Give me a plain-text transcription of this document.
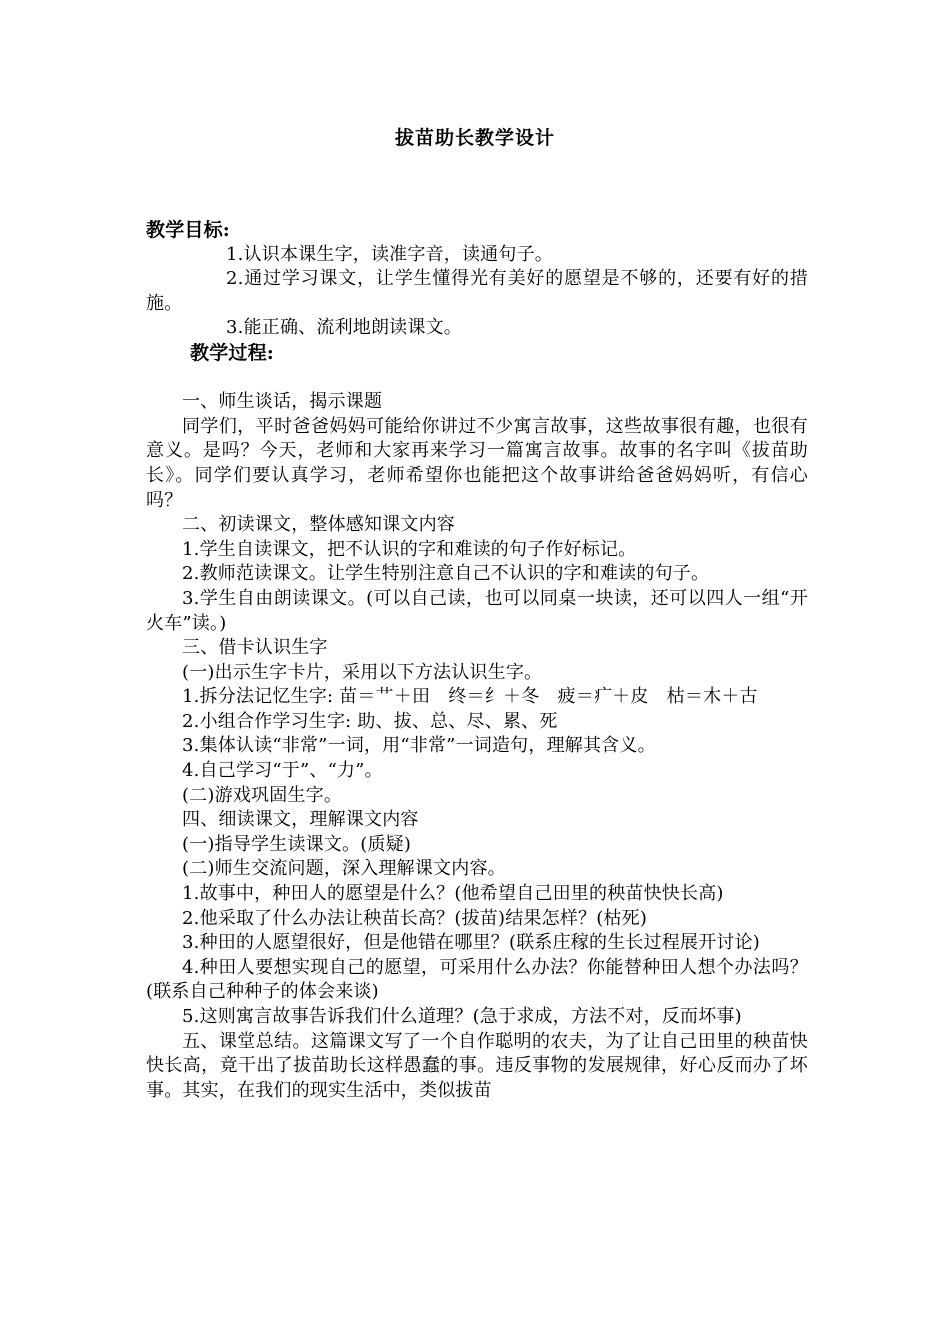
拔苗助长教学设计

教学目标:

1.认识本课生字，读准字音，读通句子。

2.通过学习课文，让学生懂得光有美好的愿望是不够的，还要有好的措施。

3.能正确、流利地朗读课文。

教学过程:

一、师生谈话，揭示课题

同学们，平时爸爸妈妈可能给你讲过不少寓言故事，这些故事很有趣，也很有意义。是吗？今天，老师和大家再来学习一篇寓言故事。故事的名字叫《拔苗助长》。同学们要认真学习，老师希望你也能把这个故事讲给爸爸妈妈听，有信心吗？

二、初读课文，整体感知课文内容

1.学生自读课文，把不认识的字和难读的句子作好标记。

2.教师范读课文。让学生特别注意自己不认识的字和难读的句子。

3.学生自由朗读课文。(可以自己读，也可以同桌一块读，还可以四人一组“开火车”读。)

三、借卡认识生字

(一)出示生字卡片，采用以下方法认识生字。

1.拆分法记忆生字: 苗＝艹＋田　终＝纟＋冬　疲＝疒＋皮　枯＝木＋古

2.小组合作学习生字: 助、拔、总、尽、累、死

3.集体认读“非常”一词，用“非常”一词造句，理解其含义。

4.自己学习“于”、“力”。

(二)游戏巩固生字。

四、细读课文，理解课文内容

(一)指导学生读课文。(质疑)

(二)师生交流问题，深入理解课文内容。

1.故事中，种田人的愿望是什么？(他希望自己田里的秧苗快快长高)

2.他采取了什么办法让秧苗长高？(拔苗)结果怎样？(枯死)

3.种田的人愿望很好，但是他错在哪里？(联系庄稼的生长过程展开讨论)

4.种田人要想实现自己的愿望，可采用什么办法？你能替种田人想个办法吗？(联系自己种种子的体会来谈)

5.这则寓言故事告诉我们什么道理？(急于求成，方法不对，反而坏事)

五、课堂总结。这篇课文写了一个自作聪明的农夫，为了让自己田里的秧苗快快长高，竟干出了拔苗助长这样愚蠢的事。违反事物的发展规律，好心反而办了坏事。其实，在我们的现实生活中，类似拔苗
